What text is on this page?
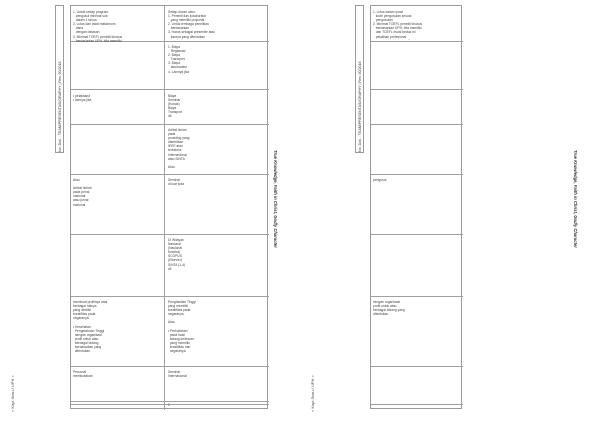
« Kopi Susu / UPH »
True Knowledge, Faith in Christ, Godly Character
No. Dok. : TEAM/PRESENTASI/GRAPHY | Rev. 00/2018
1. Untuk setiap program,
pengusul minimal sub
dalam 1 tahun
2. Lulus dari awal maksimum
dana
dengan batasan
3. Minimal TOEFL peneliti khusus
berdasarkan UPH, bila memiliki

• pelaksana
• lainnya jika
Atau

Artikel ilmiah
pada jurnal
nasional
atau jurnal
nasional
membuat profilnya atas
berbagai halnya
yang dimiliki
kreatifitas pada
negaranya.

• Kesehatan
Pengetahuan Tinggi
dengan organisasi
profil untuk atau
berbagai bidang
berdasarkan yang
ditentukan.
Personal
membuktikan
Setiap dosen atau:
1. Peneliti dan kolaborator
yang memiliki proposal
2. Untuk lembaga penelitian
berdasarkan
3. Harus sebagai presenter atau
karena yang ditentukan

1. Biaya
Registrasi
2. Biaya
Transport
3. Biaya
akomodasi
4. Lainnya jika
Biaya
Seminar
(Konas)
Biaya
Transport
dll
Artikel ilmiah
pada
prosiding yang
diterbitkan
IEEE atau
terindeks
Internasional
atau SINTA

Atau

Seminar
di luar kota
Di Wilayah
Nasional
(Nasional
Ketahui)
SCOPUS
(Elsevier)
SINTA (1-4)
dll
Penghasilan Tinggi
yang memiliki
kreatifitas pada
negaranya.

Atau

• Perkuliahan
pada hasil
bidang keilmuan
yang memiliki
kreatifitas dan
negaranya.
Seminar
Internasional
2	« Kopi Susu / UPH »
True Knowledge, Faith in Christ, Godly Character
No. Dok. : TEAM/PRESENTASI/GRAPHY | Rev. 00/2018
1. Lulus dalam surat
kode pengusulan sesuai
pengusulan
2. Minimal TOEFL peneliti khusus
berdasarkan UPH, bila memiliki
dan TOEFL mulai kedua ini
pelatihan profesional

pengusul
dengan organisasi
profil untuk atau
berbagai bidang yang
ditentukan.
